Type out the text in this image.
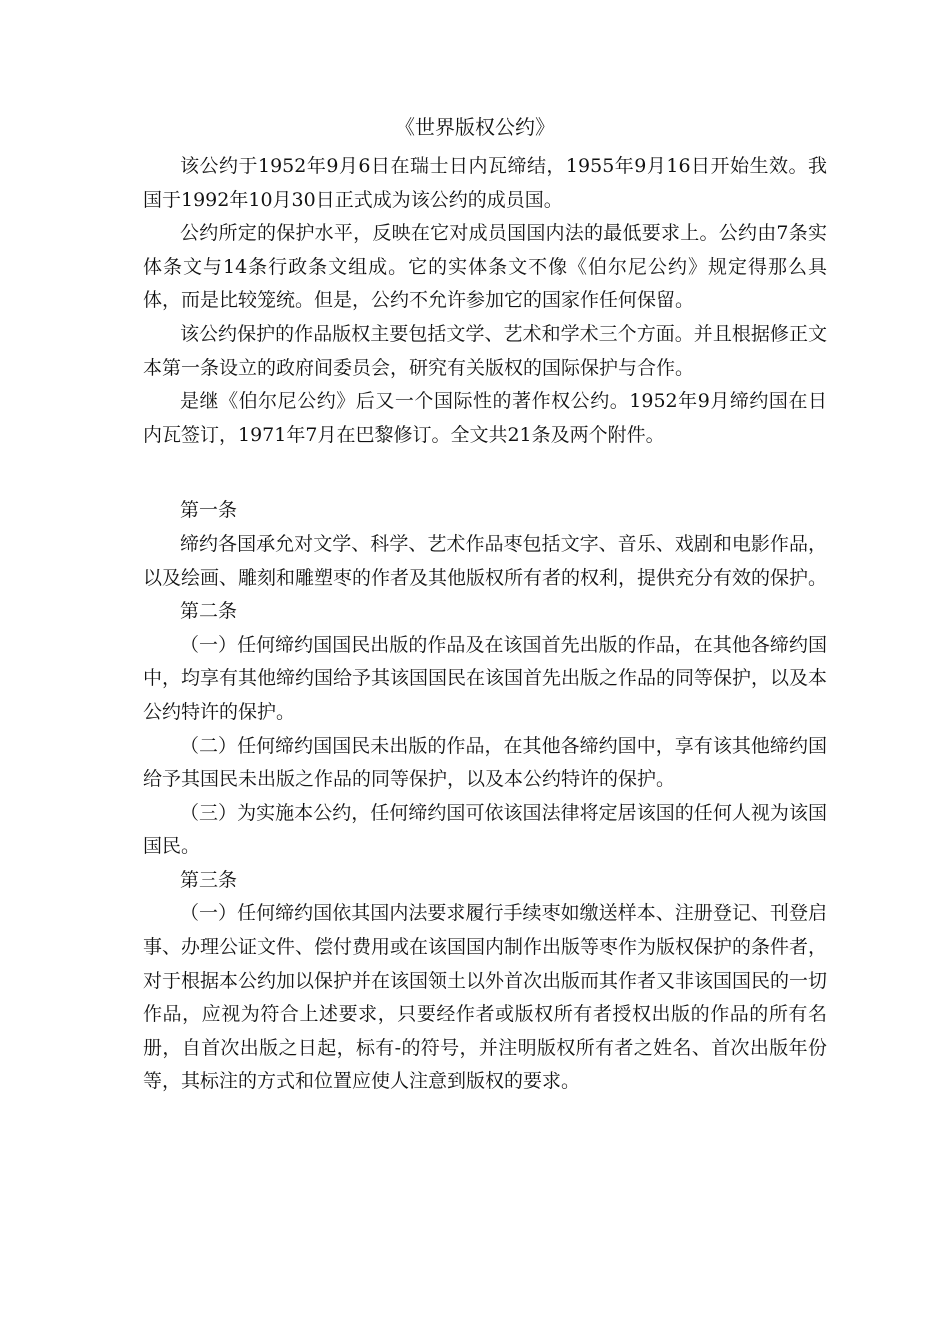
《世界版权公约》

该公约于1952年9月6日在瑞士日内瓦缔结，1955年9月16日开始生效。我国于1992年10月30日正式成为该公约的成员国。

公约所定的保护水平，反映在它对成员国国内法的最低要求上。公约由7条实体条文与14条行政条文组成。它的实体条文不像《伯尔尼公约》规定得那么具体，而是比较笼统。但是，公约不允许参加它的国家作任何保留。

该公约保护的作品版权主要包括文学、艺术和学术三个方面。并且根据修正文本第一条设立的政府间委员会，研究有关版权的国际保护与合作。

是继《伯尔尼公约》后又一个国际性的著作权公约。1952年9月缔约国在日内瓦签订，1971年7月在巴黎修订。全文共21条及两个附件。

第一条

缔约各国承允对文学、科学、艺术作品枣包括文字、音乐、戏剧和电影作品，以及绘画、雕刻和雕塑枣的作者及其他版权所有者的权利，提供充分有效的保护。

第二条

（一）任何缔约国国民出版的作品及在该国首先出版的作品，在其他各缔约国中，均享有其他缔约国给予其该国国民在该国首先出版之作品的同等保护，以及本公约特许的保护。

（二）任何缔约国国民未出版的作品，在其他各缔约国中，享有该其他缔约国给予其国民未出版之作品的同等保护，以及本公约特许的保护。

（三）为实施本公约，任何缔约国可依该国法律将定居该国的任何人视为该国国民。

第三条

（一）任何缔约国依其国内法要求履行手续枣如缴送样本、注册登记、刊登启事、办理公证文件、偿付费用或在该国国内制作出版等枣作为版权保护的条件者，对于根据本公约加以保护并在该国领土以外首次出版而其作者又非该国国民的一切作品，应视为符合上述要求，只要经作者或版权所有者授权出版的作品的所有名册，自首次出版之日起，标有-的符号，并注明版权所有者之姓名、首次出版年份等，其标注的方式和位置应使人注意到版权的要求。
